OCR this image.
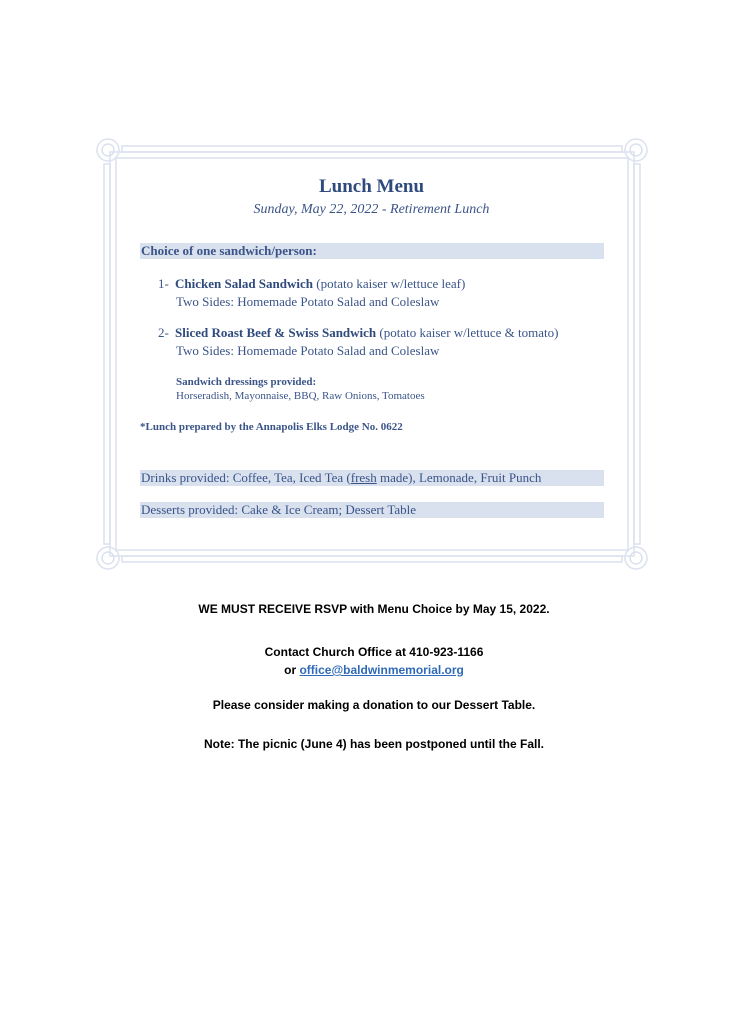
Lunch Menu
Sunday, May 22, 2022 - Retirement Lunch
Choice of one sandwich/person:
1- Chicken Salad Sandwich (potato kaiser w/lettuce leaf)
Two Sides: Homemade Potato Salad and Coleslaw
2- Sliced Roast Beef & Swiss Sandwich (potato kaiser w/lettuce & tomato)
Two Sides: Homemade Potato Salad and Coleslaw
Sandwich dressings provided:
Horseradish, Mayonnaise, BBQ, Raw Onions, Tomatoes
*Lunch prepared by the Annapolis Elks Lodge No. 0622
Drinks provided: Coffee, Tea, Iced Tea (fresh made), Lemonade, Fruit Punch
Desserts provided: Cake & Ice Cream; Dessert Table
WE MUST RECEIVE RSVP with Menu Choice by May 15, 2022.
Contact Church Office at 410-923-1166
or office@baldwinmemorial.org
Please consider making a donation to our Dessert Table.
Note: The picnic (June 4) has been postponed until the Fall.
